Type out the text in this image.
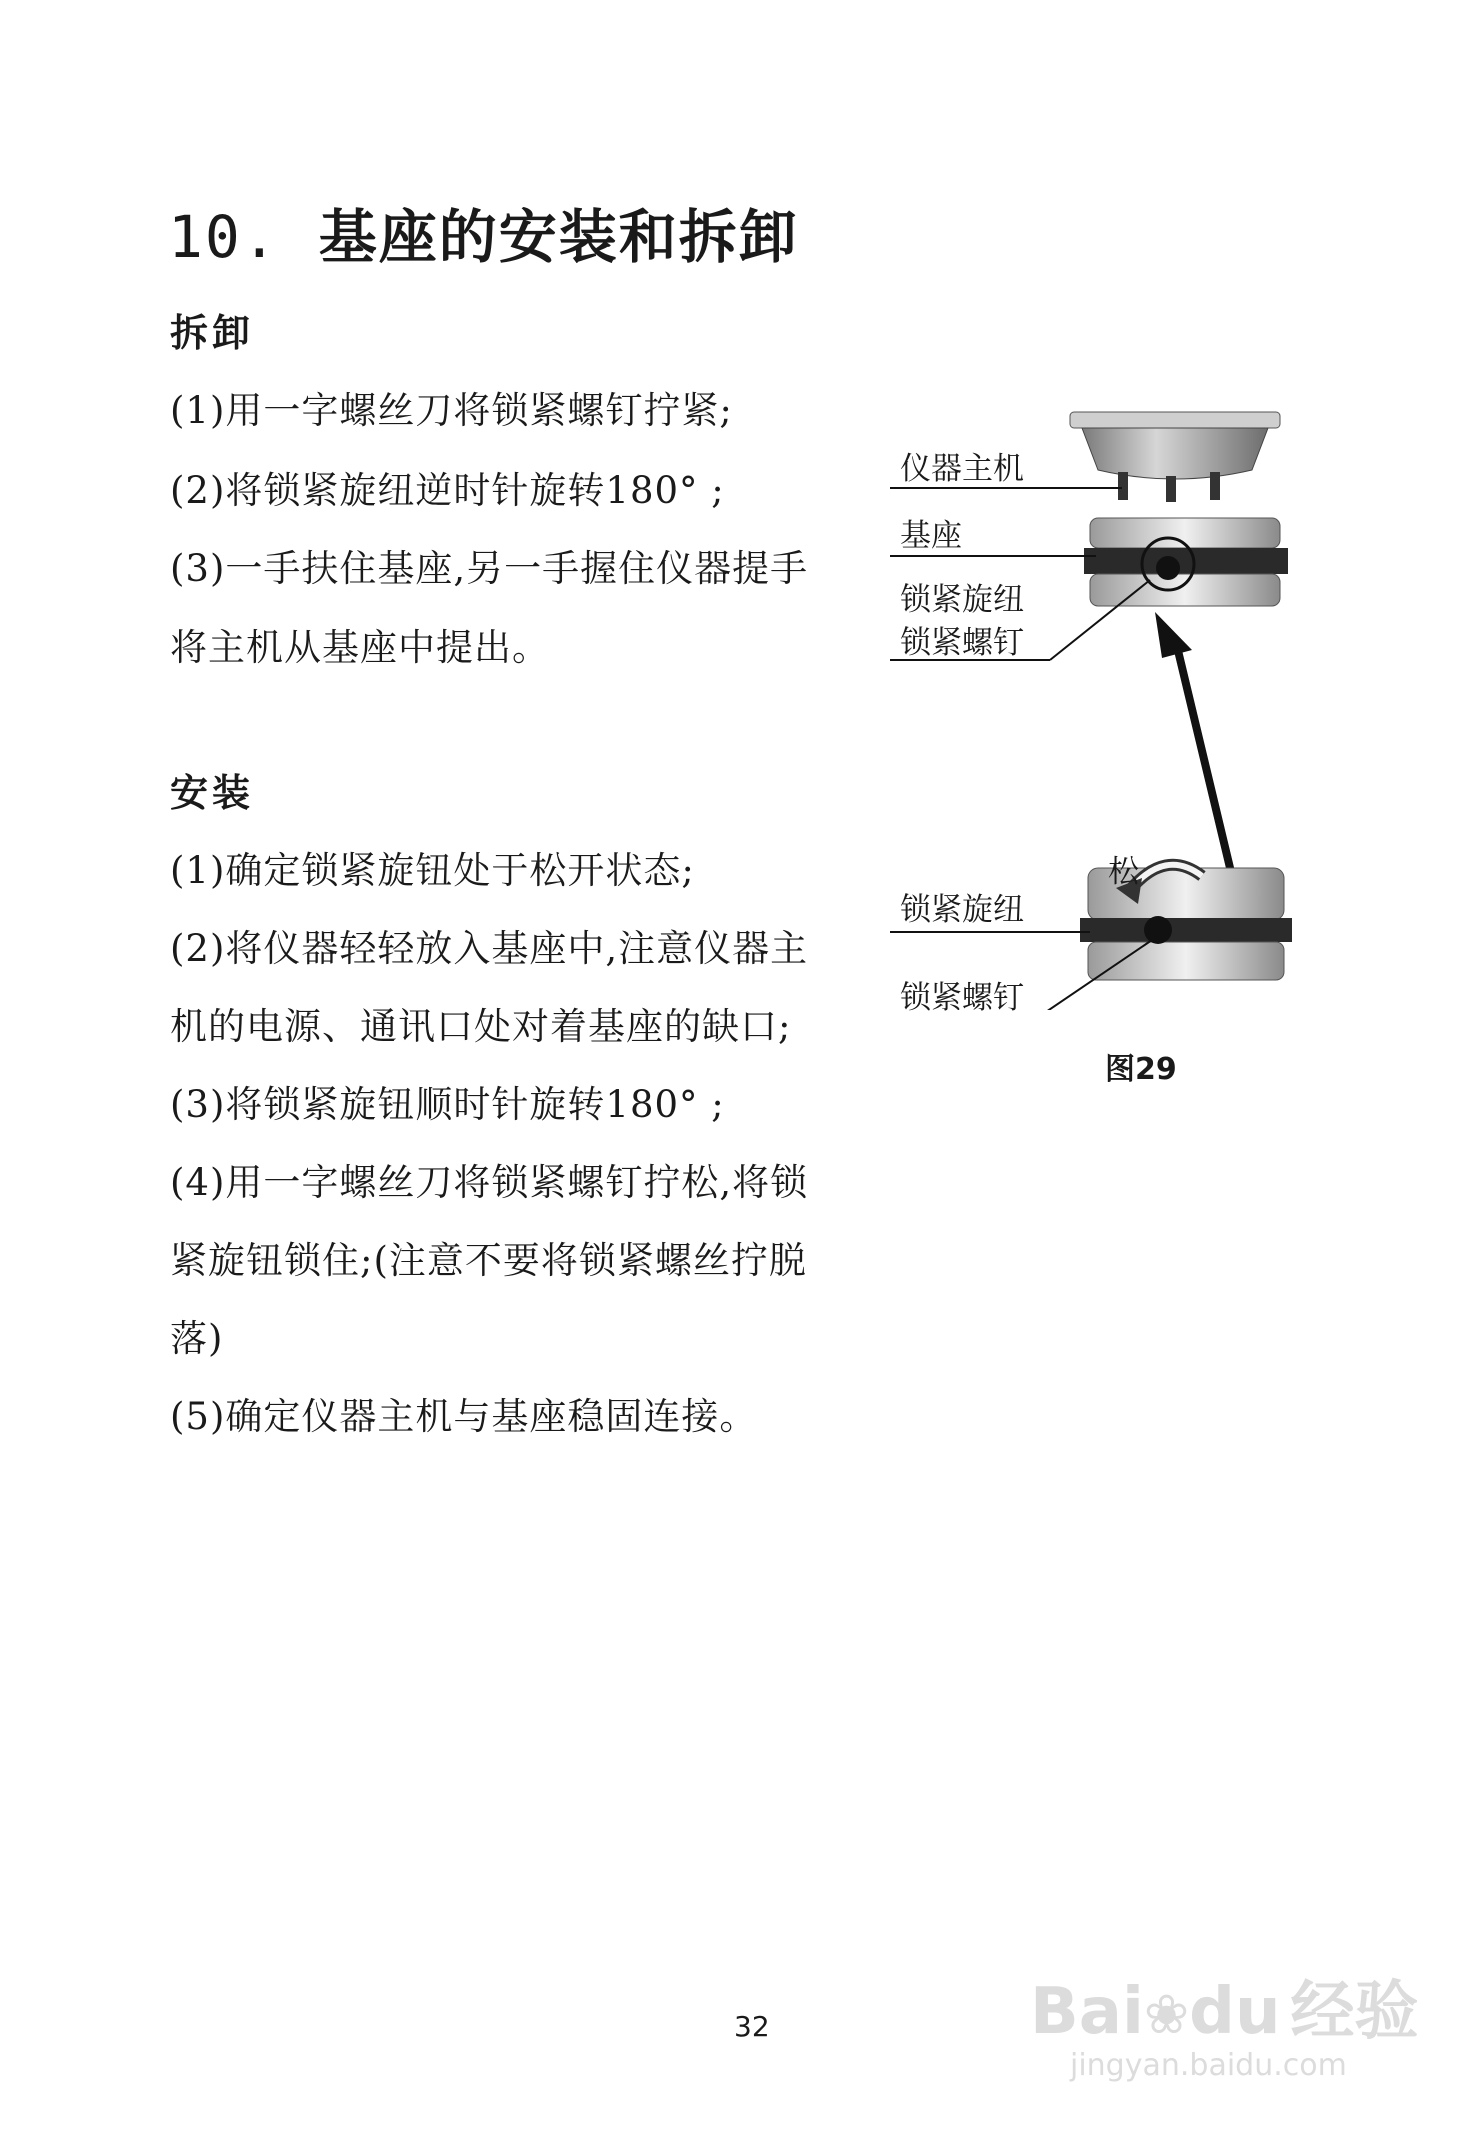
10. 基座的安装和拆卸
拆卸
(1)用一字螺丝刀将锁紧螺钉拧紧;
(2)将锁紧旋纽逆时针旋转180° ;
(3)一手扶住基座,另一手握住仪器提手
将主机从基座中提出。
安装
(1)确定锁紧旋钮处于松开状态;
(2)将仪器轻轻放入基座中,注意仪器主
机的电源、通讯口处对着基座的缺口;
(3)将锁紧旋钮顺时针旋转180° ;
(4)用一字螺丝刀将锁紧螺钉拧松,将锁
紧旋钮锁住;(注意不要将锁紧螺丝拧脱
落)
(5)确定仪器主机与基座稳固连接。
仪器主机
基座
锁紧旋纽
锁紧螺钉
松
锁紧旋纽
锁紧螺钉
图29
32	Bai❀du 经验
jingyan.baidu.com
